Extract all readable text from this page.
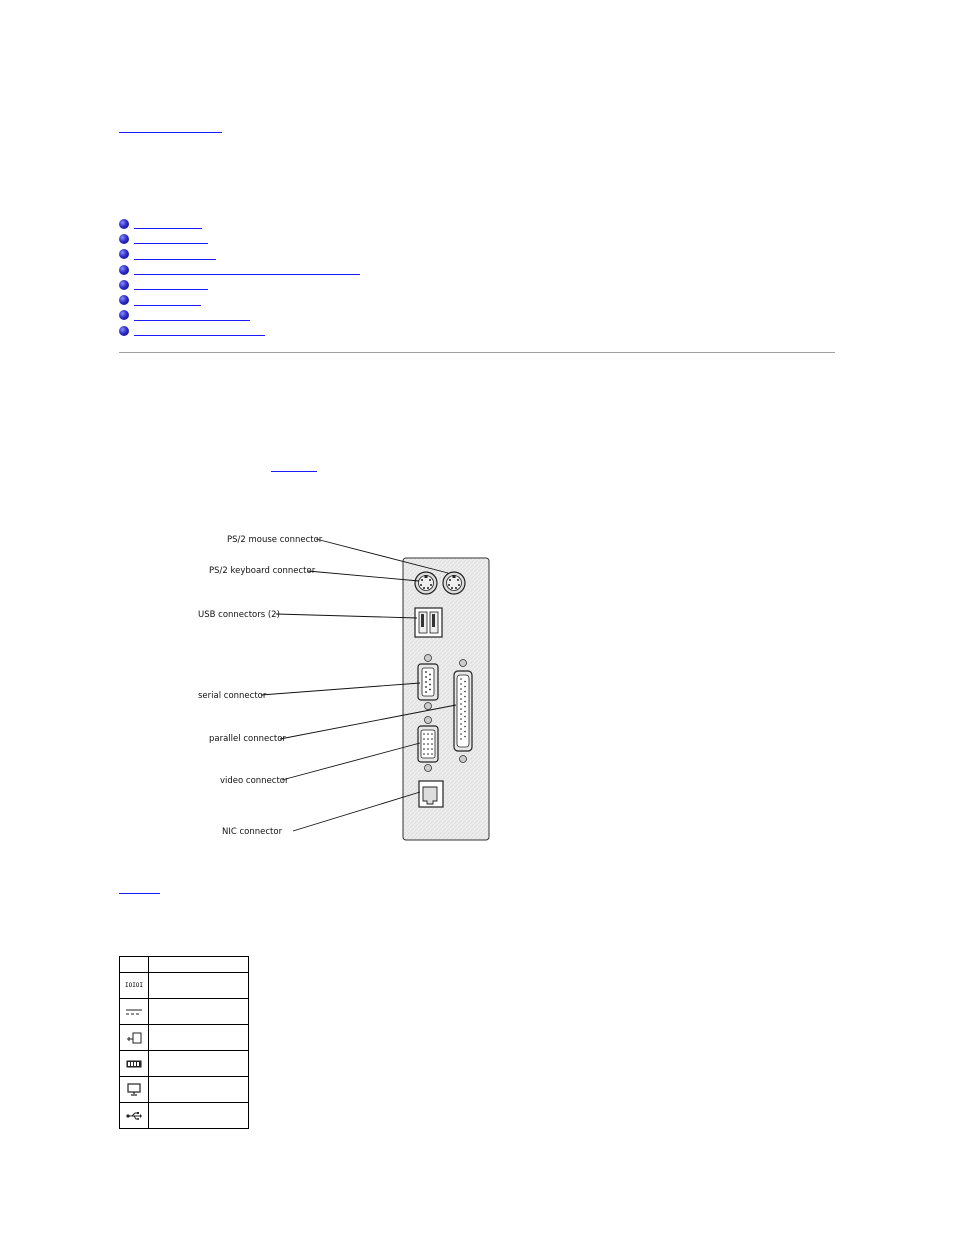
PS/2 mouse connector
PS/2 keyboard connector
USB connectors (2)
serial connector
parallel connector
video connector
NIC connector

IOIOI	
